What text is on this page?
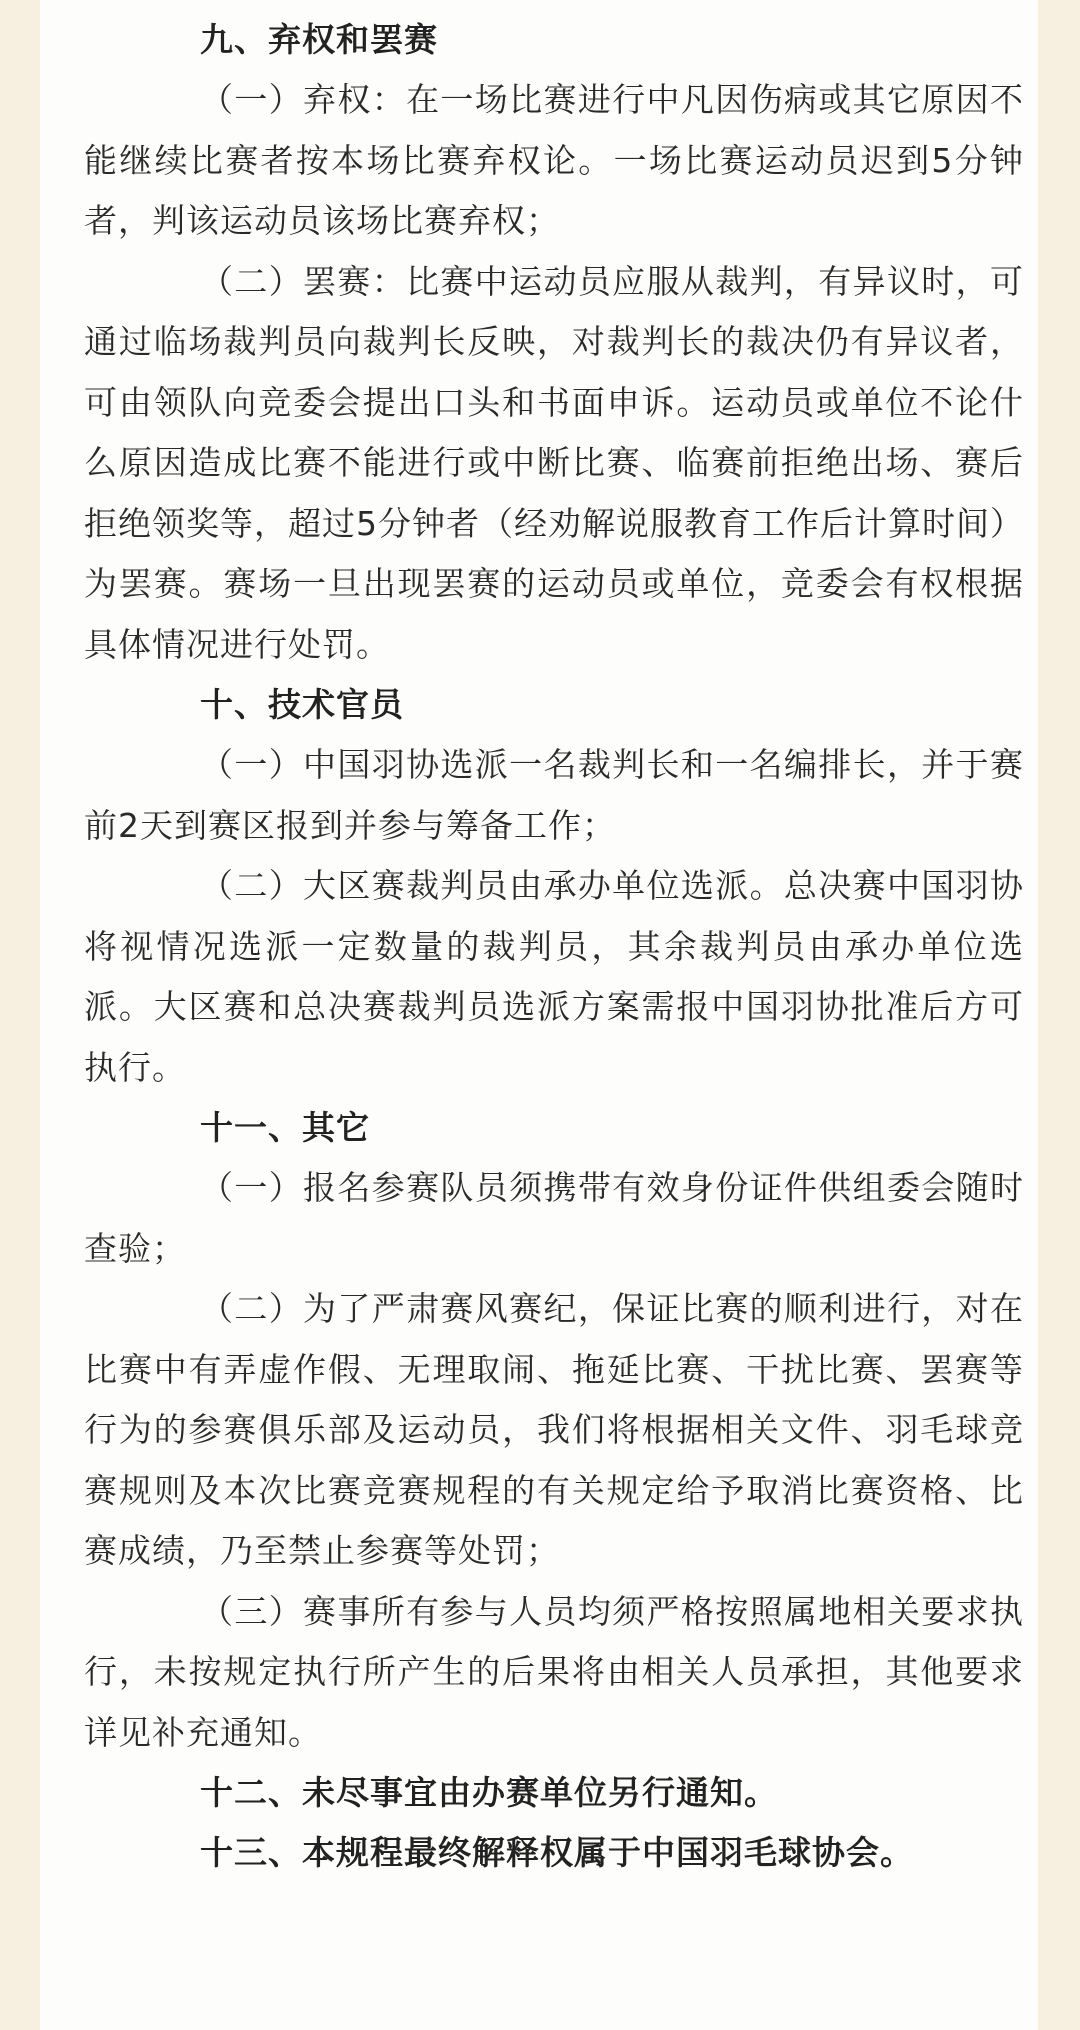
九、弃权和罢赛

（一）弃权：在一场比赛进行中凡因伤病或其它原因不能继续比赛者按本场比赛弃权论。一场比赛运动员迟到5分钟者，判该运动员该场比赛弃权；

（二）罢赛：比赛中运动员应服从裁判，有异议时，可通过临场裁判员向裁判长反映，对裁判长的裁决仍有异议者，可由领队向竞委会提出口头和书面申诉。运动员或单位不论什么原因造成比赛不能进行或中断比赛、临赛前拒绝出场、赛后拒绝领奖等，超过5分钟者（经劝解说服教育工作后计算时间）为罢赛。赛场一旦出现罢赛的运动员或单位，竞委会有权根据具体情况进行处罚。

十、技术官员

（一）中国羽协选派一名裁判长和一名编排长，并于赛前2天到赛区报到并参与筹备工作；

（二）大区赛裁判员由承办单位选派。总决赛中国羽协将视情况选派一定数量的裁判员，其余裁判员由承办单位选派。大区赛和总决赛裁判员选派方案需报中国羽协批准后方可执行。

十一、其它

（一）报名参赛队员须携带有效身份证件供组委会随时查验；

（二）为了严肃赛风赛纪，保证比赛的顺利进行，对在比赛中有弄虚作假、无理取闹、拖延比赛、干扰比赛、罢赛等行为的参赛俱乐部及运动员，我们将根据相关文件、羽毛球竞赛规则及本次比赛竞赛规程的有关规定给予取消比赛资格、比赛成绩，乃至禁止参赛等处罚；

（三）赛事所有参与人员均须严格按照属地相关要求执行，未按规定执行所产生的后果将由相关人员承担，其他要求详见补充通知。

十二、未尽事宜由办赛单位另行通知。
十三、本规程最终解释权属于中国羽毛球协会。
